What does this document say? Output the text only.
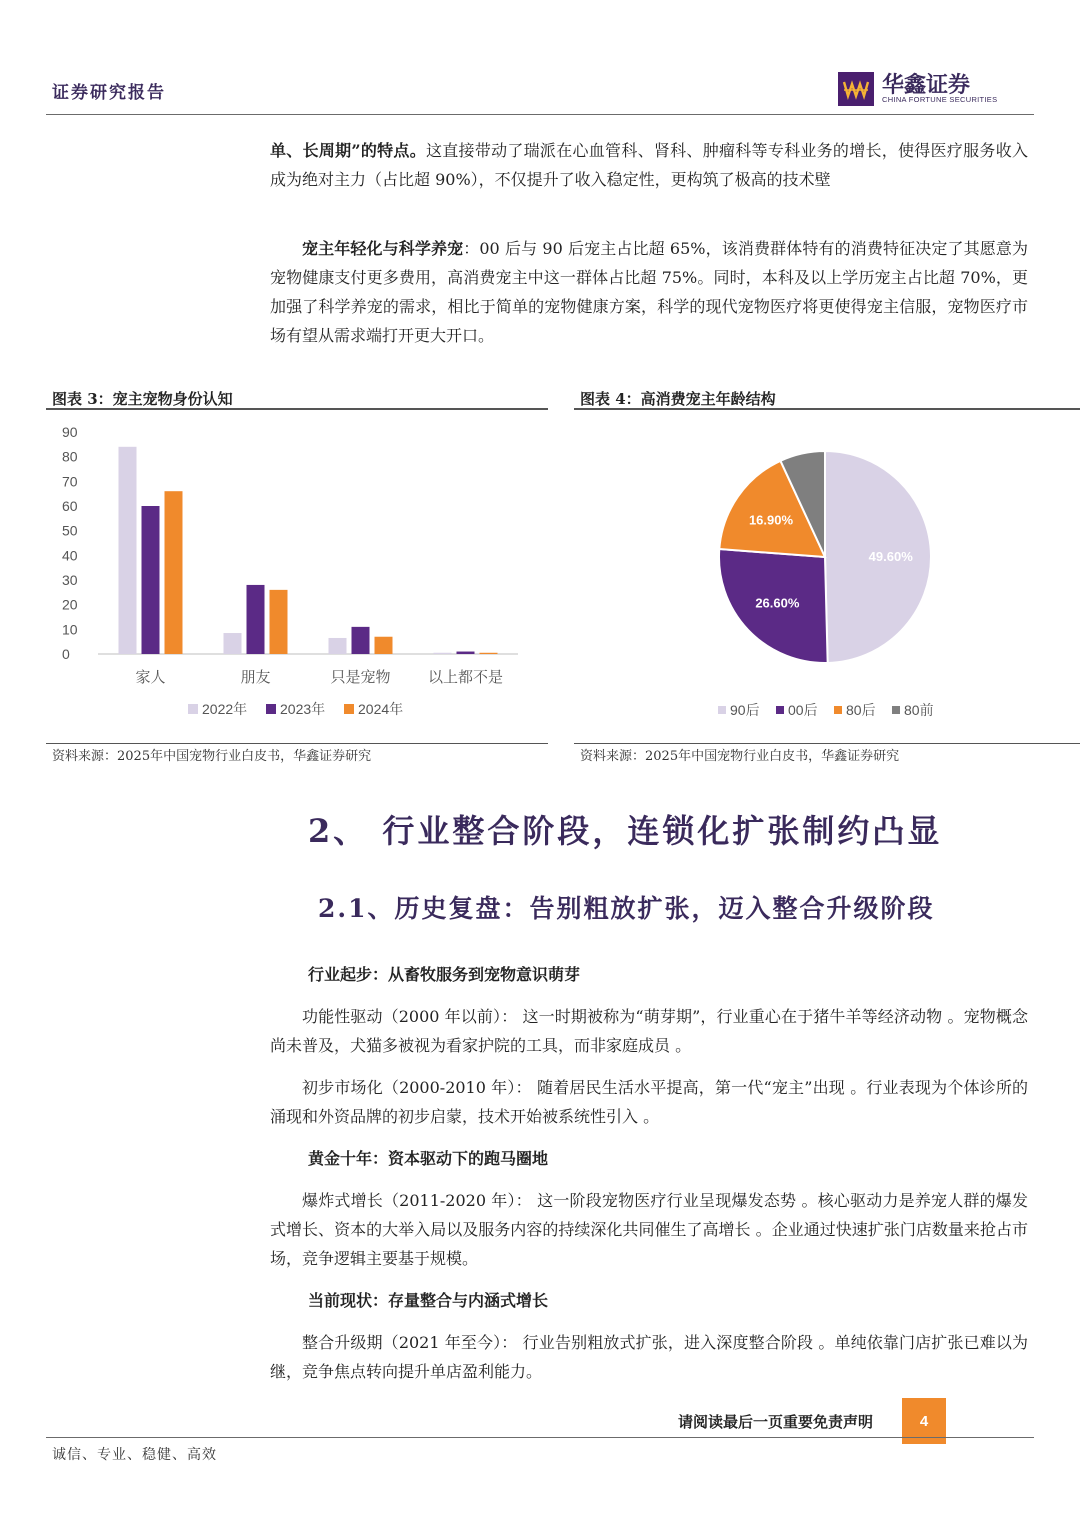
证券研究报告	华鑫证券
CHINA FORTUNE SECURITIES
单、长周期”的特点。这直接带动了瑞派在心血管科、肾科、肿瘤科等专科业务的增长，使得医疗服务收入成为绝对主力（占比超 90%），不仅提升了收入稳定性，更构筑了极高的技术壁
宠主年轻化与科学养宠：00 后与 90 后宠主占比超 65%，该消费群体特有的消费特征决定了其愿意为宠物健康支付更多费用，高消费宠主中这一群体占比超 75%。同时，本科及以上学历宠主占比超 70%，更加强了科学养宠的需求，相比于简单的宠物健康方案，科学的现代宠物医疗将更使得宠主信服，宠物医疗市场有望从需求端打开更大开口。
图表 3：宠主宠物身份认知
资料来源：2025年中国宠物行业白皮书，华鑫证券研究
图表 4：高消费宠主年龄结构
资料来源：2025年中国宠物行业白皮书，华鑫证券研究
0
10
20
30
40
50
60
70
80
90
家人	朋友	只是宠物 以上都不是
2022年 2023年 2024年
49.60%
26.60%
16.90%
90后 00后 80后 80前
2、 行业整合阶段，连锁化扩张制约凸显
2.1、历史复盘：告别粗放扩张，迈入整合升级阶段
行业起步：从畜牧服务到宠物意识萌芽
功能性驱动（2000 年以前）： 这一时期被称为“萌芽期”，行业重心在于猪牛羊等经济动物 。宠物概念尚未普及，犬猫多被视为看家护院的工具，而非家庭成员 。
初步市场化（2000-2010 年）： 随着居民生活水平提高，第一代“宠主”出现 。行业表现为个体诊所的涌现和外资品牌的初步启蒙，技术开始被系统性引入 。
黄金十年：资本驱动下的跑马圈地
爆炸式增长（2011-2020 年）： 这一阶段宠物医疗行业呈现爆发态势 。核心驱动力是养宠人群的爆发式增长、资本的大举入局以及服务内容的持续深化共同催生了高增长 。企业通过快速扩张门店数量来抢占市场，竞争逻辑主要基于规模。
当前现状：存量整合与内涵式增长
整合升级期（2021 年至今）： 行业告别粗放式扩张，进入深度整合阶段 。单纯依靠门店扩张已难以为继，竞争焦点转向提升单店盈利能力。
请阅读最后一页重要免责声明	4
诚信、专业、稳健、高效
